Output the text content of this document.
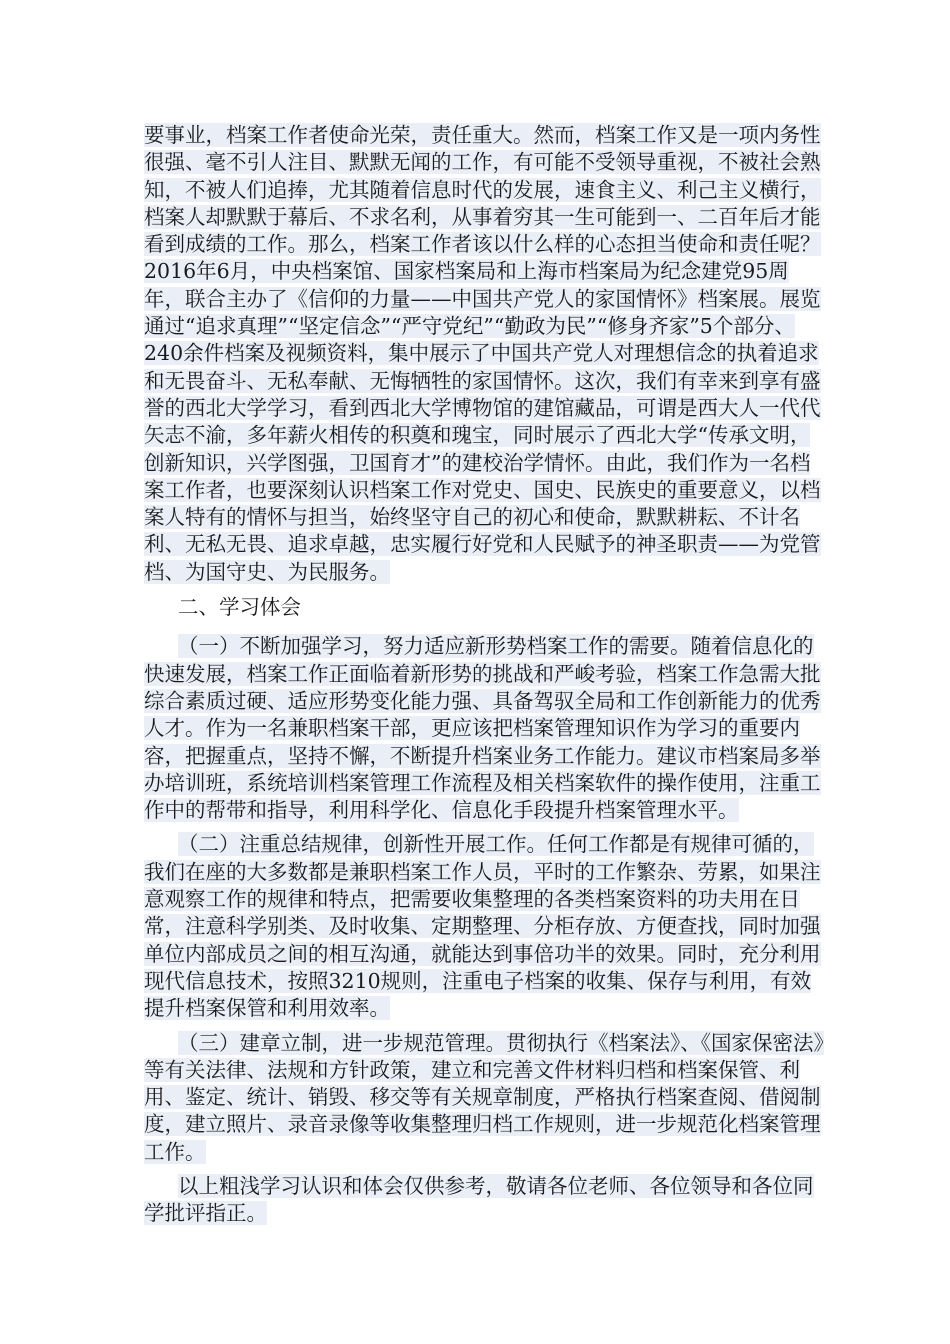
要事业，档案工作者使命光荣，责任重大。然而，档案工作又是一项内务性很强、毫不引人注目、默默无闻的工作，有可能不受领导重视，不被社会熟知，不被人们追捧，尤其随着信息时代的发展，速食主义、利己主义横行，档案人却默默于幕后、不求名利，从事着穷其一生可能到一、二百年后才能看到成绩的工作。那么，档案工作者该以什么样的心态担当使命和责任呢？2016年6月，中央档案馆、国家档案局和上海市档案局为纪念建党95周年，联合主办了《信仰的力量——中国共产党人的家国情怀》档案展。展览通过“追求真理”“坚定信念”“严守党纪”“勤政为民”“修身齐家”5个部分、240余件档案及视频资料，集中展示了中国共产党人对理想信念的执着追求和无畏奋斗、无私奉献、无悔牺牲的家国情怀。这次，我们有幸来到享有盛誉的西北大学学习，看到西北大学博物馆的建馆藏品，可谓是西大人一代代矢志不渝，多年薪火相传的积奠和瑰宝，同时展示了西北大学“传承文明，创新知识，兴学图强，卫国育才”的建校治学情怀。由此，我们作为一名档案工作者，也要深刻认识档案工作对党史、国史、民族史的重要意义，以档案人特有的情怀与担当，始终坚守自己的初心和使命，默默耕耘、不计名利、无私无畏、追求卓越，忠实履行好党和人民赋予的神圣职责——为党管档、为国守史、为民服务。

二、学习体会

（一）不断加强学习，努力适应新形势档案工作的需要。随着信息化的快速发展，档案工作正面临着新形势的挑战和严峻考验，档案工作急需大批综合素质过硬、适应形势变化能力强、具备驾驭全局和工作创新能力的优秀人才。作为一名兼职档案干部，更应该把档案管理知识作为学习的重要内容，把握重点，坚持不懈，不断提升档案业务工作能力。建议市档案局多举办培训班，系统培训档案管理工作流程及相关档案软件的操作使用，注重工作中的帮带和指导，利用科学化、信息化手段提升档案管理水平。

（二）注重总结规律，创新性开展工作。任何工作都是有规律可循的，我们在座的大多数都是兼职档案工作人员，平时的工作繁杂、劳累，如果注意观察工作的规律和特点，把需要收集整理的各类档案资料的功夫用在日常，注意科学别类、及时收集、定期整理、分柜存放、方便查找，同时加强单位内部成员之间的相互沟通，就能达到事倍功半的效果。同时，充分利用现代信息技术，按照3210规则，注重电子档案的收集、保存与利用，有效提升档案保管和利用效率。

（三）建章立制，进一步规范管理。贯彻执行《档案法》、《国家保密法》等有关法律、法规和方针政策，建立和完善文件材料归档和档案保管、利用、鉴定、统计、销毁、移交等有关规章制度，严格执行档案查阅、借阅制度，建立照片、录音录像等收集整理归档工作规则，进一步规范化档案管理工作。

以上粗浅学习认识和体会仅供参考，敬请各位老师、各位领导和各位同学批评指正。
